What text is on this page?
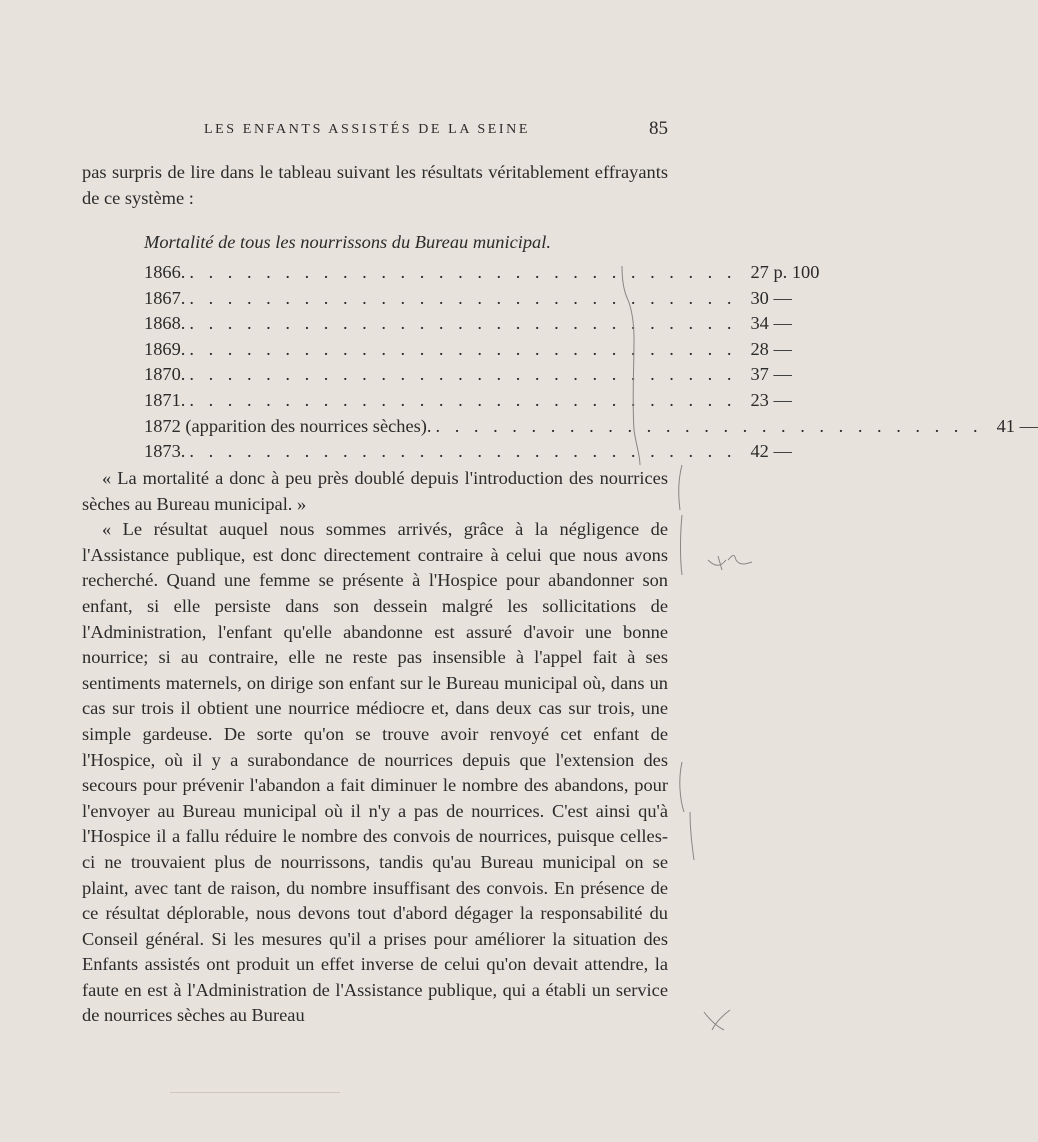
LES ENFANTS ASSISTÉS DE LA SEINE	85

pas surpris de lire dans le tableau suivant les résultats véritablement effrayants de ce système :

Mortalité de tous les nourrissons du Bureau municipal.
1866. . . . . . . . . . . . . . . . . . . . . . . . . . . . . . 27 p. 100
1867. . . . . . . . . . . . . . . . . . . . . . . . . . . . . . 30 —
1868. . . . . . . . . . . . . . . . . . . . . . . . . . . . . . 34 —
1869. . . . . . . . . . . . . . . . . . . . . . . . . . . . . . 28 —
1870. . . . . . . . . . . . . . . . . . . . . . . . . . . . . . 37 —
1871. . . . . . . . . . . . . . . . . . . . . . . . . . . . . . 23 —
1872 (apparition des nourrices sèches). . . . . . . . . . . . . . . . . . . . . . . . . . . . . . 41 —
1873. . . . . . . . . . . . . . . . . . . . . . . . . . . . . . 42 —

« La mortalité a donc à peu près doublé depuis l'introduction des nourrices sèches au Bureau municipal. »

« Le résultat auquel nous sommes arrivés, grâce à la négligence de l'Assistance publique, est donc directement contraire à celui que nous avons recherché. Quand une femme se présente à l'Hospice pour abandonner son enfant, si elle persiste dans son dessein malgré les sollicitations de l'Administration, l'enfant qu'elle abandonne est assuré d'avoir une bonne nourrice; si au contraire, elle ne reste pas insensible à l'appel fait à ses sentiments maternels, on dirige son enfant sur le Bureau municipal où, dans un cas sur trois il obtient une nourrice médiocre et, dans deux cas sur trois, une simple gardeuse. De sorte qu'on se trouve avoir renvoyé cet enfant de l'Hospice, où il y a surabondance de nourrices depuis que l'extension des secours pour prévenir l'abandon a fait diminuer le nombre des abandons, pour l'envoyer au Bureau municipal où il n'y a pas de nourrices. C'est ainsi qu'à l'Hospice il a fallu réduire le nombre des convois de nourrices, puisque celles-ci ne trouvaient plus de nourrissons, tandis qu'au Bureau municipal on se plaint, avec tant de raison, du nombre insuffisant des convois. En présence de ce résultat déplorable, nous devons tout d'abord dégager la responsabilité du Conseil général. Si les mesures qu'il a prises pour améliorer la situation des Enfants assistés ont produit un effet inverse de celui qu'on devait attendre, la faute en est à l'Administration de l'Assistance publique, qui a établi un service de nourrices sèches au Bureau
